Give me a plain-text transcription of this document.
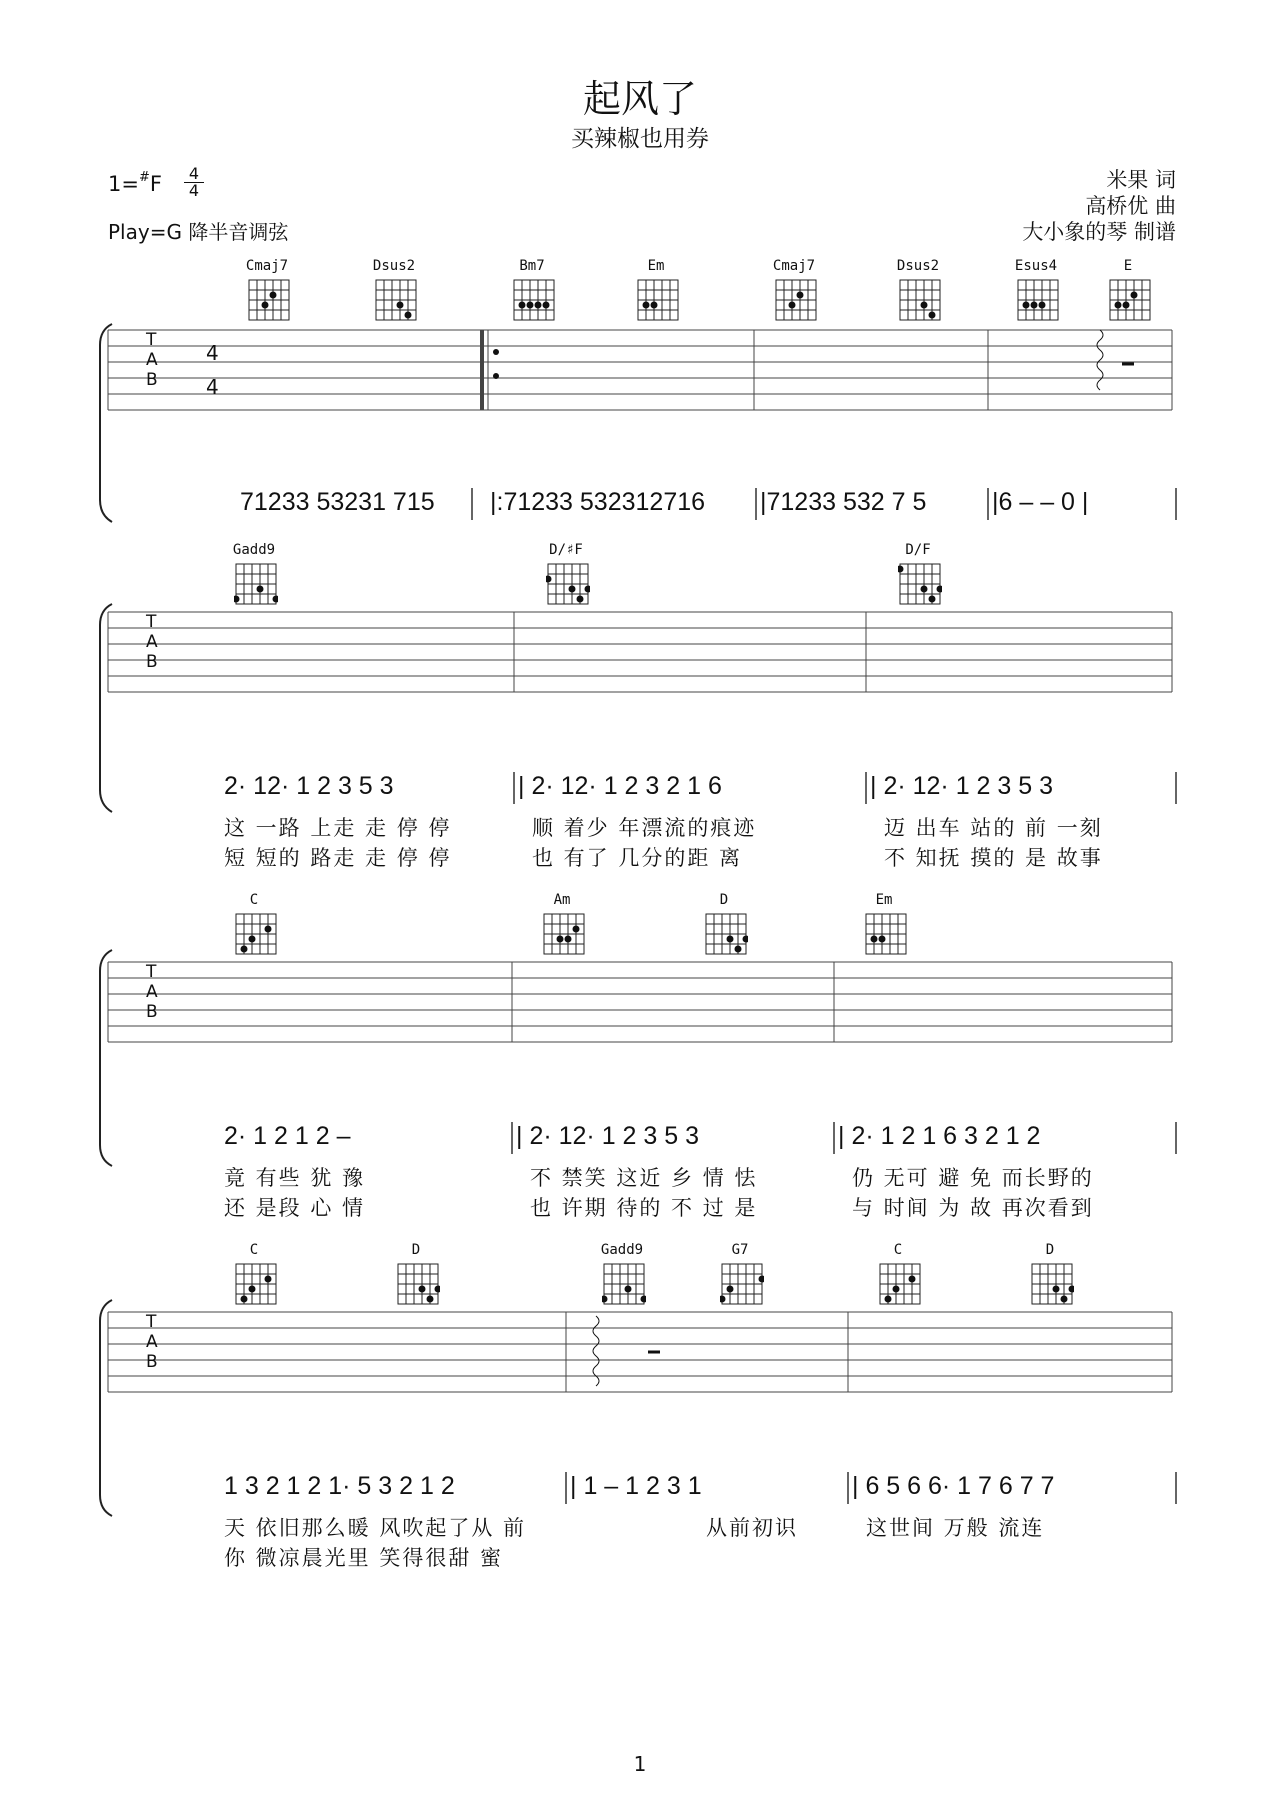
起风了
买辣椒也用券
1=#F	4
4
Play=G 降半音调弦
米果 词
高桥优 曲
大小象的琴 制谱
T
A
B
T
A
B
T
A
B
T
A
B
4
4
Cmaj7	Dsus2	Bm7	Em	Cmaj7	Dsus2	Esus4	E
Gadd9	D/♯F	D/F
C	Am	D	Em
C	D	Gadd9	G7	C	D
71233 53231 715 |:71233 532312716 |71233 532 7 5	|6 – – 0 |
2· 12· 1 2 3 5 3	| 2· 12· 1 2 3 2 1 6	| 2· 12· 1 2 3 5 3
这 一路 上走 走 停 停	顺 着少 年漂流的痕迹	迈 出车 站的 前 一刻
短 短的 路走 走 停 停	也 有了 几分的距 离	不 知抚 摸的 是 故事
2· 1 2 1 2 –	| 2· 12· 1 2 3 5 3	| 2· 1 2 1 6 3 2 1 2
竟 有些 犹 豫	不 禁笑 这近 乡 情 怯	仍 无可 避 免 而长野的
还 是段 心 情	也 许期 待的 不 过 是	与 时间 为 故 再次看到
1 3 2 1 2 1· 5 3 2 1 2	| 1 – 1 2 3 1	| 6 5 6 6· 1 7 6 7 7
天 依旧那么暖 风吹起了从 前	从前初识	这世间 万般 流连
你 微凉晨光里 笑得很甜 蜜
1
